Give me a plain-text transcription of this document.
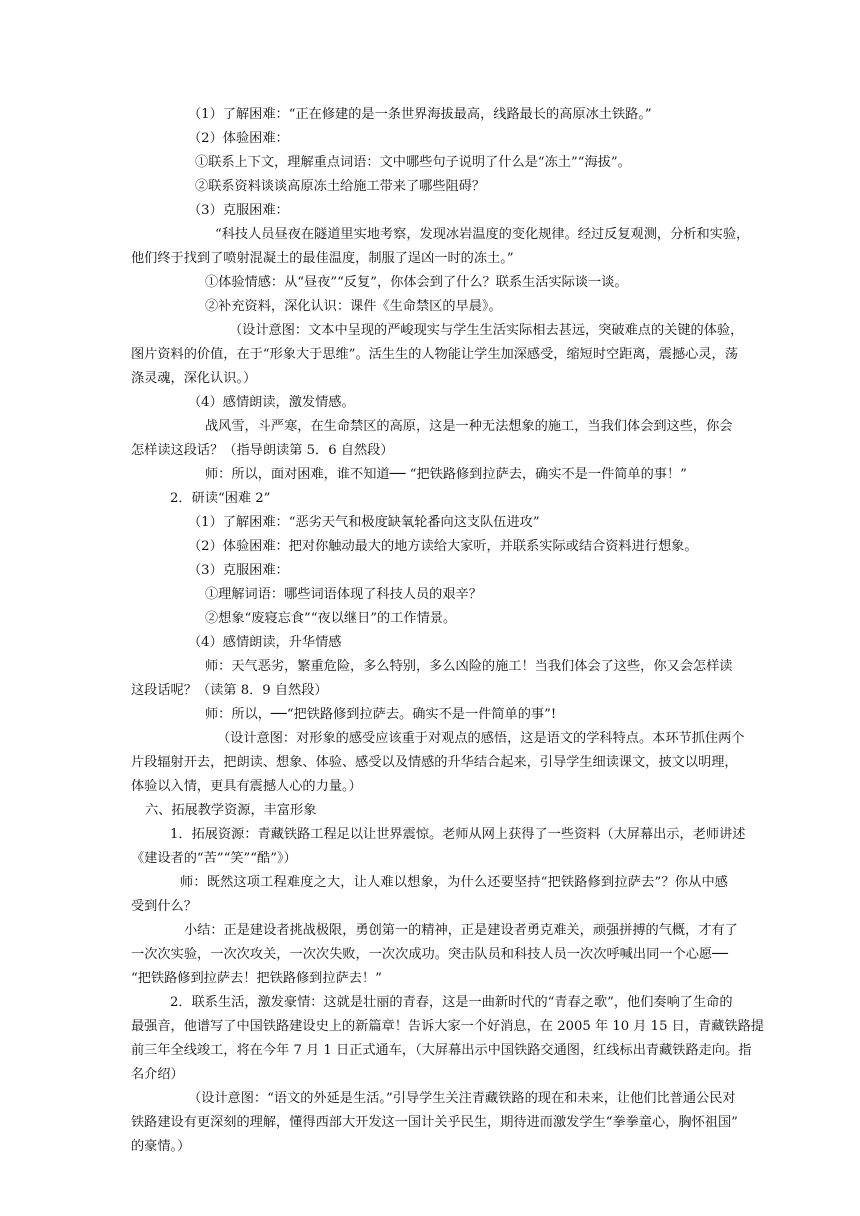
（1）了解困难：“正在修建的是一条世界海拔最高，线路最长的高原冰土铁路。”
（2）体验困难：
①联系上下文，理解重点词语：文中哪些句子说明了什么是“冻土”“海拔”。
②联系资料谈谈高原冻土给施工带来了哪些阻碍？
（3）克服困难：
“科技人员昼夜在隧道里实地考察，发现冰岩温度的变化规律。经过反复观测，分析和实验，
他们终于找到了喷射混凝土的最佳温度，制服了逞凶一时的冻土。”
①体验情感：从“昼夜”“反复”，你体会到了什么？联系生活实际谈一谈。
②补充资料，深化认识：课件《生命禁区的早晨》。
（设计意图：文本中呈现的严峻现实与学生生活实际相去甚远，突破难点的关键的体验，
图片资料的价值，在于“形象大于思维”。活生生的人物能让学生加深感受，缩短时空距离，震撼心灵，荡
涤灵魂，深化认识。）
（4）感情朗读，激发情感。
战风雪，斗严寒，在生命禁区的高原，这是一种无法想象的施工，当我们体会到这些，你会
怎样读这段话？（指导朗读第 5．6 自然段）
师：所以，面对困难，谁不知道── “把铁路修到拉萨去，确实不是一件简单的事！”
2．研读“困难 2”
（1）了解困难：“恶劣天气和极度缺氧轮番向这支队伍进攻”
（2）体验困难：把对你触动最大的地方读给大家听，并联系实际或结合资料进行想象。
（3）克服困难：
①理解词语：哪些词语体现了科技人员的艰辛？
②想象“废寝忘食”“夜以继日”的工作情景。
（4）感情朗读，升华情感
师：天气恶劣，繁重危险，多么特别，多么凶险的施工！当我们体会了这些，你又会怎样读
这段话呢？（读第 8．9 自然段）
师：所以，──“把铁路修到拉萨去。确实不是一件简单的事”!
（设计意图：对形象的感受应该重于对观点的感悟，这是语文的学科特点。本环节抓住两个
片段辐射开去，把朗读、想象、体验、感受以及情感的升华结合起来，引导学生细读课文，披文以明理，
体验以入情，更具有震撼人心的力量。）
六、拓展教学资源，丰富形象
1．拓展资源：青藏铁路工程足以让世界震惊。老师从网上获得了一些资料（大屏幕出示，老师讲述
《建设者的“苦”“笑”“酷”》）
师：既然这项工程难度之大，让人难以想象，为什么还要坚持“把铁路修到拉萨去”？你从中感
受到什么？
小结：正是建设者挑战极限，勇创第一的精神，正是建设者勇克难关，顽强拼搏的气概，才有了
一次次实验，一次次攻关，一次次失败，一次次成功。突击队员和科技人员一次次呼喊出同一个心愿──
“把铁路修到拉萨去！把铁路修到拉萨去！”
2．联系生活，激发豪情：这就是壮丽的青春，这是一曲新时代的“青春之歌”，他们奏响了生命的
最强音，他谱写了中国铁路建设史上的新篇章！告诉大家一个好消息，在 2005 年 10 月 15 日，青藏铁路提
前三年全线竣工，将在今年 7 月 1 日正式通车，（大屏幕出示中国铁路交通图，红线标出青藏铁路走向。指
名介绍）
（设计意图：“语文的外延是生活。”引导学生关注青藏铁路的现在和未来，让他们比普通公民对
铁路建设有更深刻的理解，懂得西部大开发这一国计关乎民生，期待进而激发学生“拳拳童心，胸怀祖国”
的豪情。）
